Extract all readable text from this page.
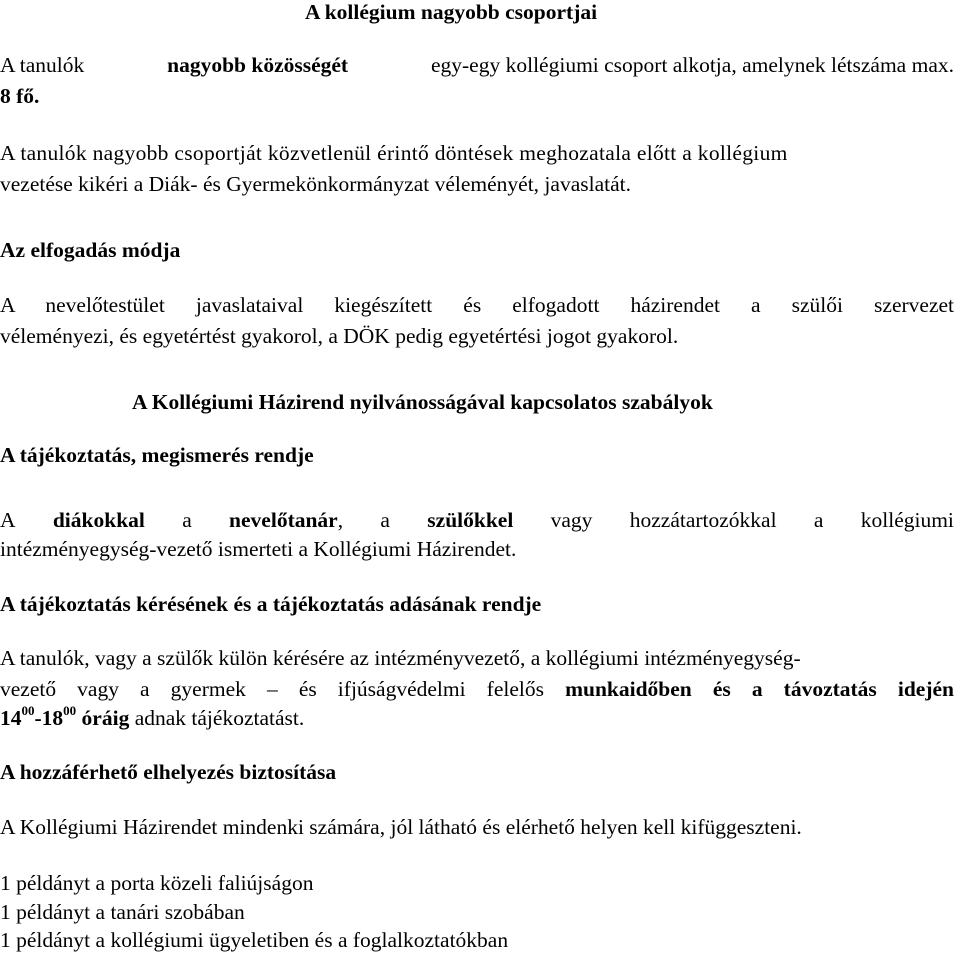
A kollégium nagyobb csoportjai
A tanulók	nagyobb közösségét	egy-egy kollégiumi csoport alkotja, amelynek létszáma max.
8 fő.
A tanulók nagyobb csoportját közvetlenül érintő döntések meghozatala előtt a kollégium
vezetése kikéri a Diák- és Gyermekönkormányzat véleményét, javaslatát.
Az elfogadás módja
A nevelőtestület javaslataival kiegészített és elfogadott házirendet a szülői szervezet
véleményezi, és egyetértést gyakorol, a DÖK pedig egyetértési jogot gyakorol.
A Kollégiumi Házirend nyilvánosságával kapcsolatos szabályok
A tájékoztatás, megismerés rendje
A diákokkal a nevelőtanár, a szülőkkel vagy hozzátartozókkal a kollégiumi
intézményegység-vezető ismerteti a Kollégiumi Házirendet.
A tájékoztatás kérésének és a tájékoztatás adásának rendje
A tanulók, vagy a szülők külön kérésére az intézményvezető, a kollégiumi intézményegység-
vezető vagy a gyermek – és ifjúságvédelmi felelős munkaidőben és a távoztatás idején
$14^{00}-18^{00}$ óráig adnak tájékoztatást.
A hozzáférhető elhelyezés biztosítása
A Kollégiumi Házirendet mindenki számára, jól látható és elérhető helyen kell kifüggeszteni.
1 példányt a porta közeli faliújságon
1 példányt a tanári szobában
1 példányt a kollégiumi ügyeletiben és a foglalkoztatókban
